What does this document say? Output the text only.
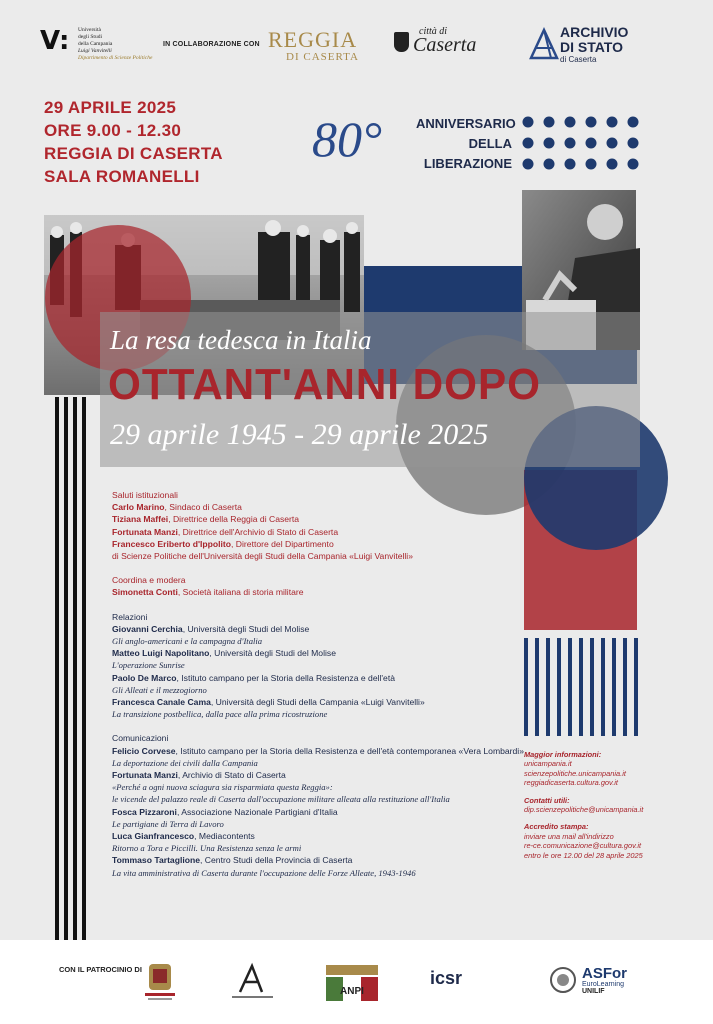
V: Università
degli Studi
della Campania
Luigi Vanvitelli
Dipartimento di Scienze Politiche
IN COLLABORAZIONE CON REGGIA
DI CASERTA
città di
Caserta
ARCHIVIO
DI STATO
di Caserta
29 APRILE 2025
ORE 9.00 - 12.30
REGGIA DI CASERTA
SALA ROMANELLI
80°	ANNIVERSARIO
DELLA
LIBERAZIONE
La resa tedesca in Italia
OTTANT'ANNI DOPO
29 aprile 1945 - 29 aprile 2025
Saluti istituzionali
Carlo Marino, Sindaco di Caserta
Tiziana Maffei, Direttrice della Reggia di Caserta
Fortunata Manzi, Direttrice dell'Archivio di Stato di Caserta
Francesco Eriberto d'Ippolito, Direttore del Dipartimento
di Scienze Politiche dell'Università degli Studi della Campania «Luigi Vanvitelli»
Coordina e modera
Simonetta Conti, Società italiana di storia militare
Relazioni
Giovanni Cerchia, Università degli Studi del Molise
Gli anglo-americani e la campagna d'Italia
Matteo Luigi Napolitano, Università degli Studi del Molise
L'operazione Sunrise
Paolo De Marco, Istituto campano per la Storia della Resistenza e dell'età
Gli Alleati e il mezzogiorno
Francesca Canale Cama, Università degli Studi della Campania «Luigi Vanvitelli»
La transizione postbellica, dalla pace alla prima ricostruzione
Comunicazioni
Felicio Corvese, Istituto campano per la Storia della Resistenza e dell'età contemporanea «Vera Lombardi»
La deportazione dei civili dalla Campania
Fortunata Manzi, Archivio di Stato di Caserta
«Perché a ogni nuova sciagura sia risparmiata questa Reggia»:
le vicende del palazzo reale di Caserta dall'occupazione militare alleata alla restituzione all'Italia
Fosca Pizzaroni, Associazione Nazionale Partigiani d'Italia
Le partigiane di Terra di Lavoro
Luca Gianfrancesco, Mediacontents
Ritorno a Tora e Piccilli. Una Resistenza senza le armi
Tommaso Tartaglione, Centro Studi della Provincia di Caserta
La vita amministrativa di Caserta durante l'occupazione delle Forze Alleate, 1943-1946
Maggior informazioni:
unicampania.it
scienzepolitiche.unicampania.it
reggiadicaserta.cultura.gov.it
Contatti utili:
dip.scienzepolitiche@unicampania.it
Accredito stampa:
inviare una mail all'indirizzo
re-ce.comunicazione@cultura.gov.it
entro le ore 12.00 del 28 aprile 2025
CON IL PATROCINIO DI
ANPI
icsr	ASFor
EuroLearning
UNILIF
